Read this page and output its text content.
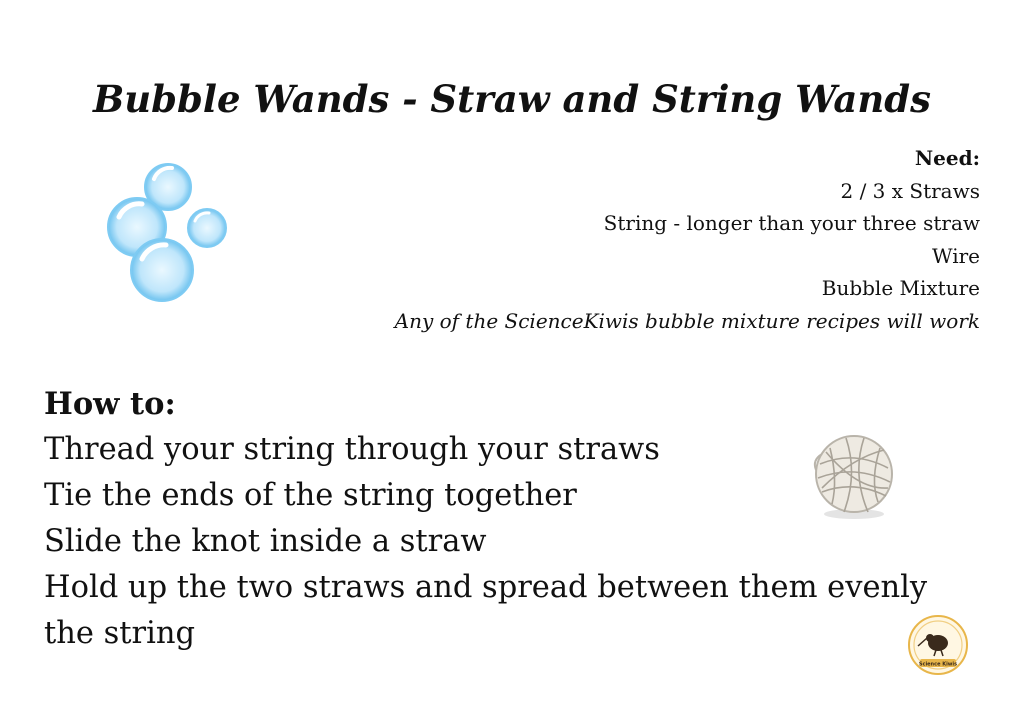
Bubble Wands - Straw and String Wands
Need:
2 / 3 x Straws
String - longer than your three straw
Wire
Bubble Mixture
Any of the ScienceKiwis bubble mixture recipes will work
How to:
Thread your string through your straws
Tie the ends of the string together
Slide the knot inside a straw
Hold up the two straws and spread between them evenly the string
Science Kiwis
